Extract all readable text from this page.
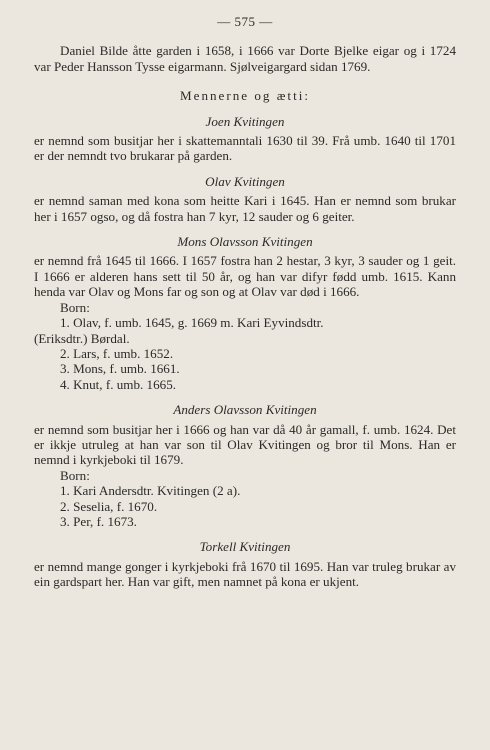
— 575 —

Daniel Bilde åtte garden i 1658, i 1666 var Dorte Bjelke eigar og i 1724 var Peder Hansson Tysse eigarmann. Sjølveigargard sidan 1769.

Mennerne og ætti:
Joen Kvitingen

er nemnd som busitjar her i skattemanntali 1630 til 39. Frå umb. 1640 til 1701 er der nemndt tvo brukarar på garden.

Olav Kvitingen

er nemnd saman med kona som heitte Kari i 1645. Han er nemnd som brukar her i 1657 ogso, og då fostra han 7 kyr, 12 sauder og 6 geiter.

Mons Olavsson Kvitingen

er nemnd frå 1645 til 1666. I 1657 fostra han 2 hestar, 3 kyr, 3 sauder og 1 geit. I 1666 er alderen hans sett til 50 år, og han var difyr fødd umb. 1615. Kann henda var Olav og Mons far og son og at Olav var død i 1666.

Born:
1. Olav, f. umb. 1645, g. 1669 m. Kari Eyvindsdtr.
(Eriksdtr.) Børdal.
2. Lars, f. umb. 1652.
3. Mons, f. umb. 1661.
4. Knut, f. umb. 1665.
Anders Olavsson Kvitingen

er nemnd som busitjar her i 1666 og han var då 40 år gamall, f. umb. 1624. Det er ikkje utruleg at han var son til Olav Kvitingen og bror til Mons. Han er nemnd i kyrkjeboki til 1679.

Born:
1. Kari Andersdtr. Kvitingen (2 a).
2. Seselia, f. 1670.
3. Per, f. 1673.
Torkell Kvitingen

er nemnd mange gonger i kyrkjeboki frå 1670 til 1695. Han var truleg brukar av ein gardspart her. Han var gift, men namnet på kona er ukjent.
